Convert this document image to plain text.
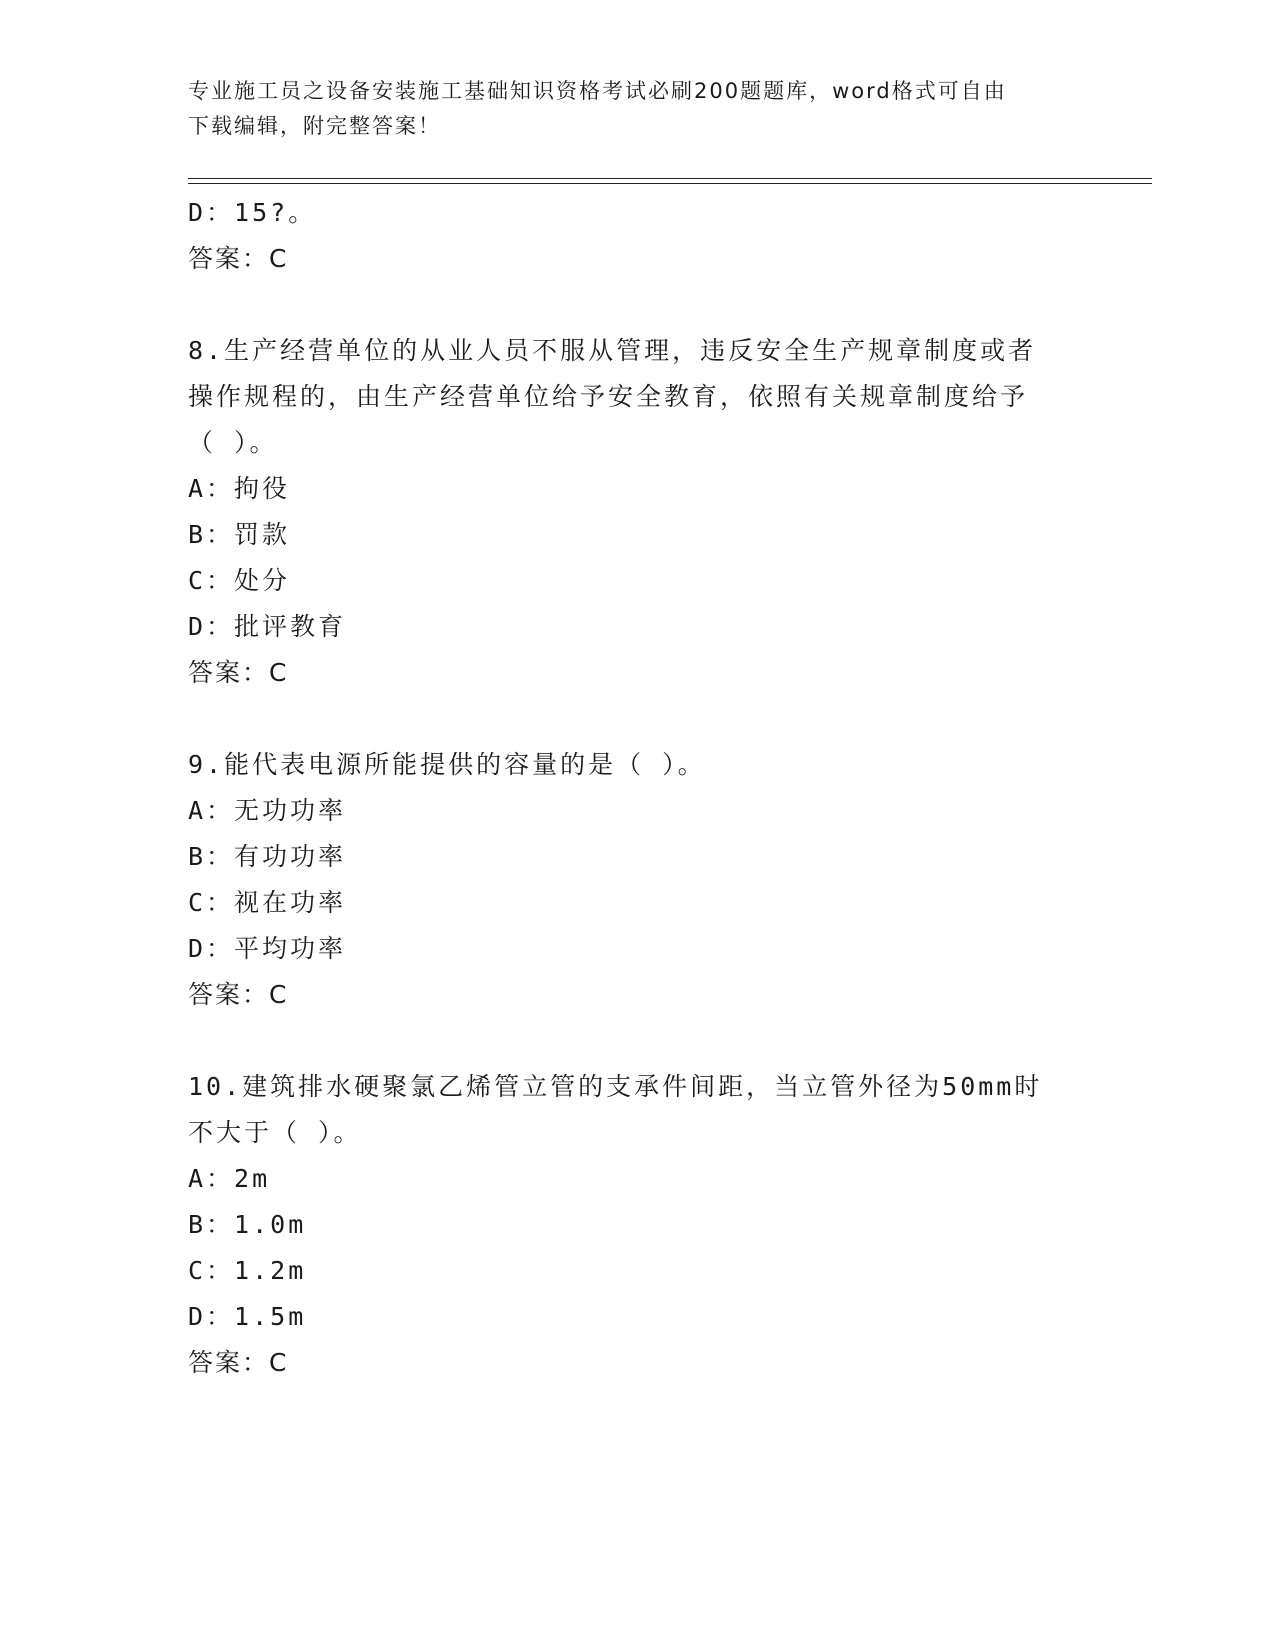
专业施工员之设备安装施工基础知识资格考试必刷200题题库，word格式可自由
下载编辑，附完整答案！
D：15?。
答案：C
8.生产经营单位的从业人员不服从管理，违反安全生产规章制度或者
操作规程的，由生产经营单位给予安全教育，依照有关规章制度给予
（ ）。
A：拘役
B：罚款
C：处分
D：批评教育
答案：C
9.能代表电源所能提供的容量的是（ ）。
A：无功功率
B：有功功率
C：视在功率
D：平均功率
答案：C
10.建筑排水硬聚氯乙烯管立管的支承件间距，当立管外径为50mm时
不大于（ ）。
A：2m
B：1.0m
C：1.2m
D：1.5m
答案：C
